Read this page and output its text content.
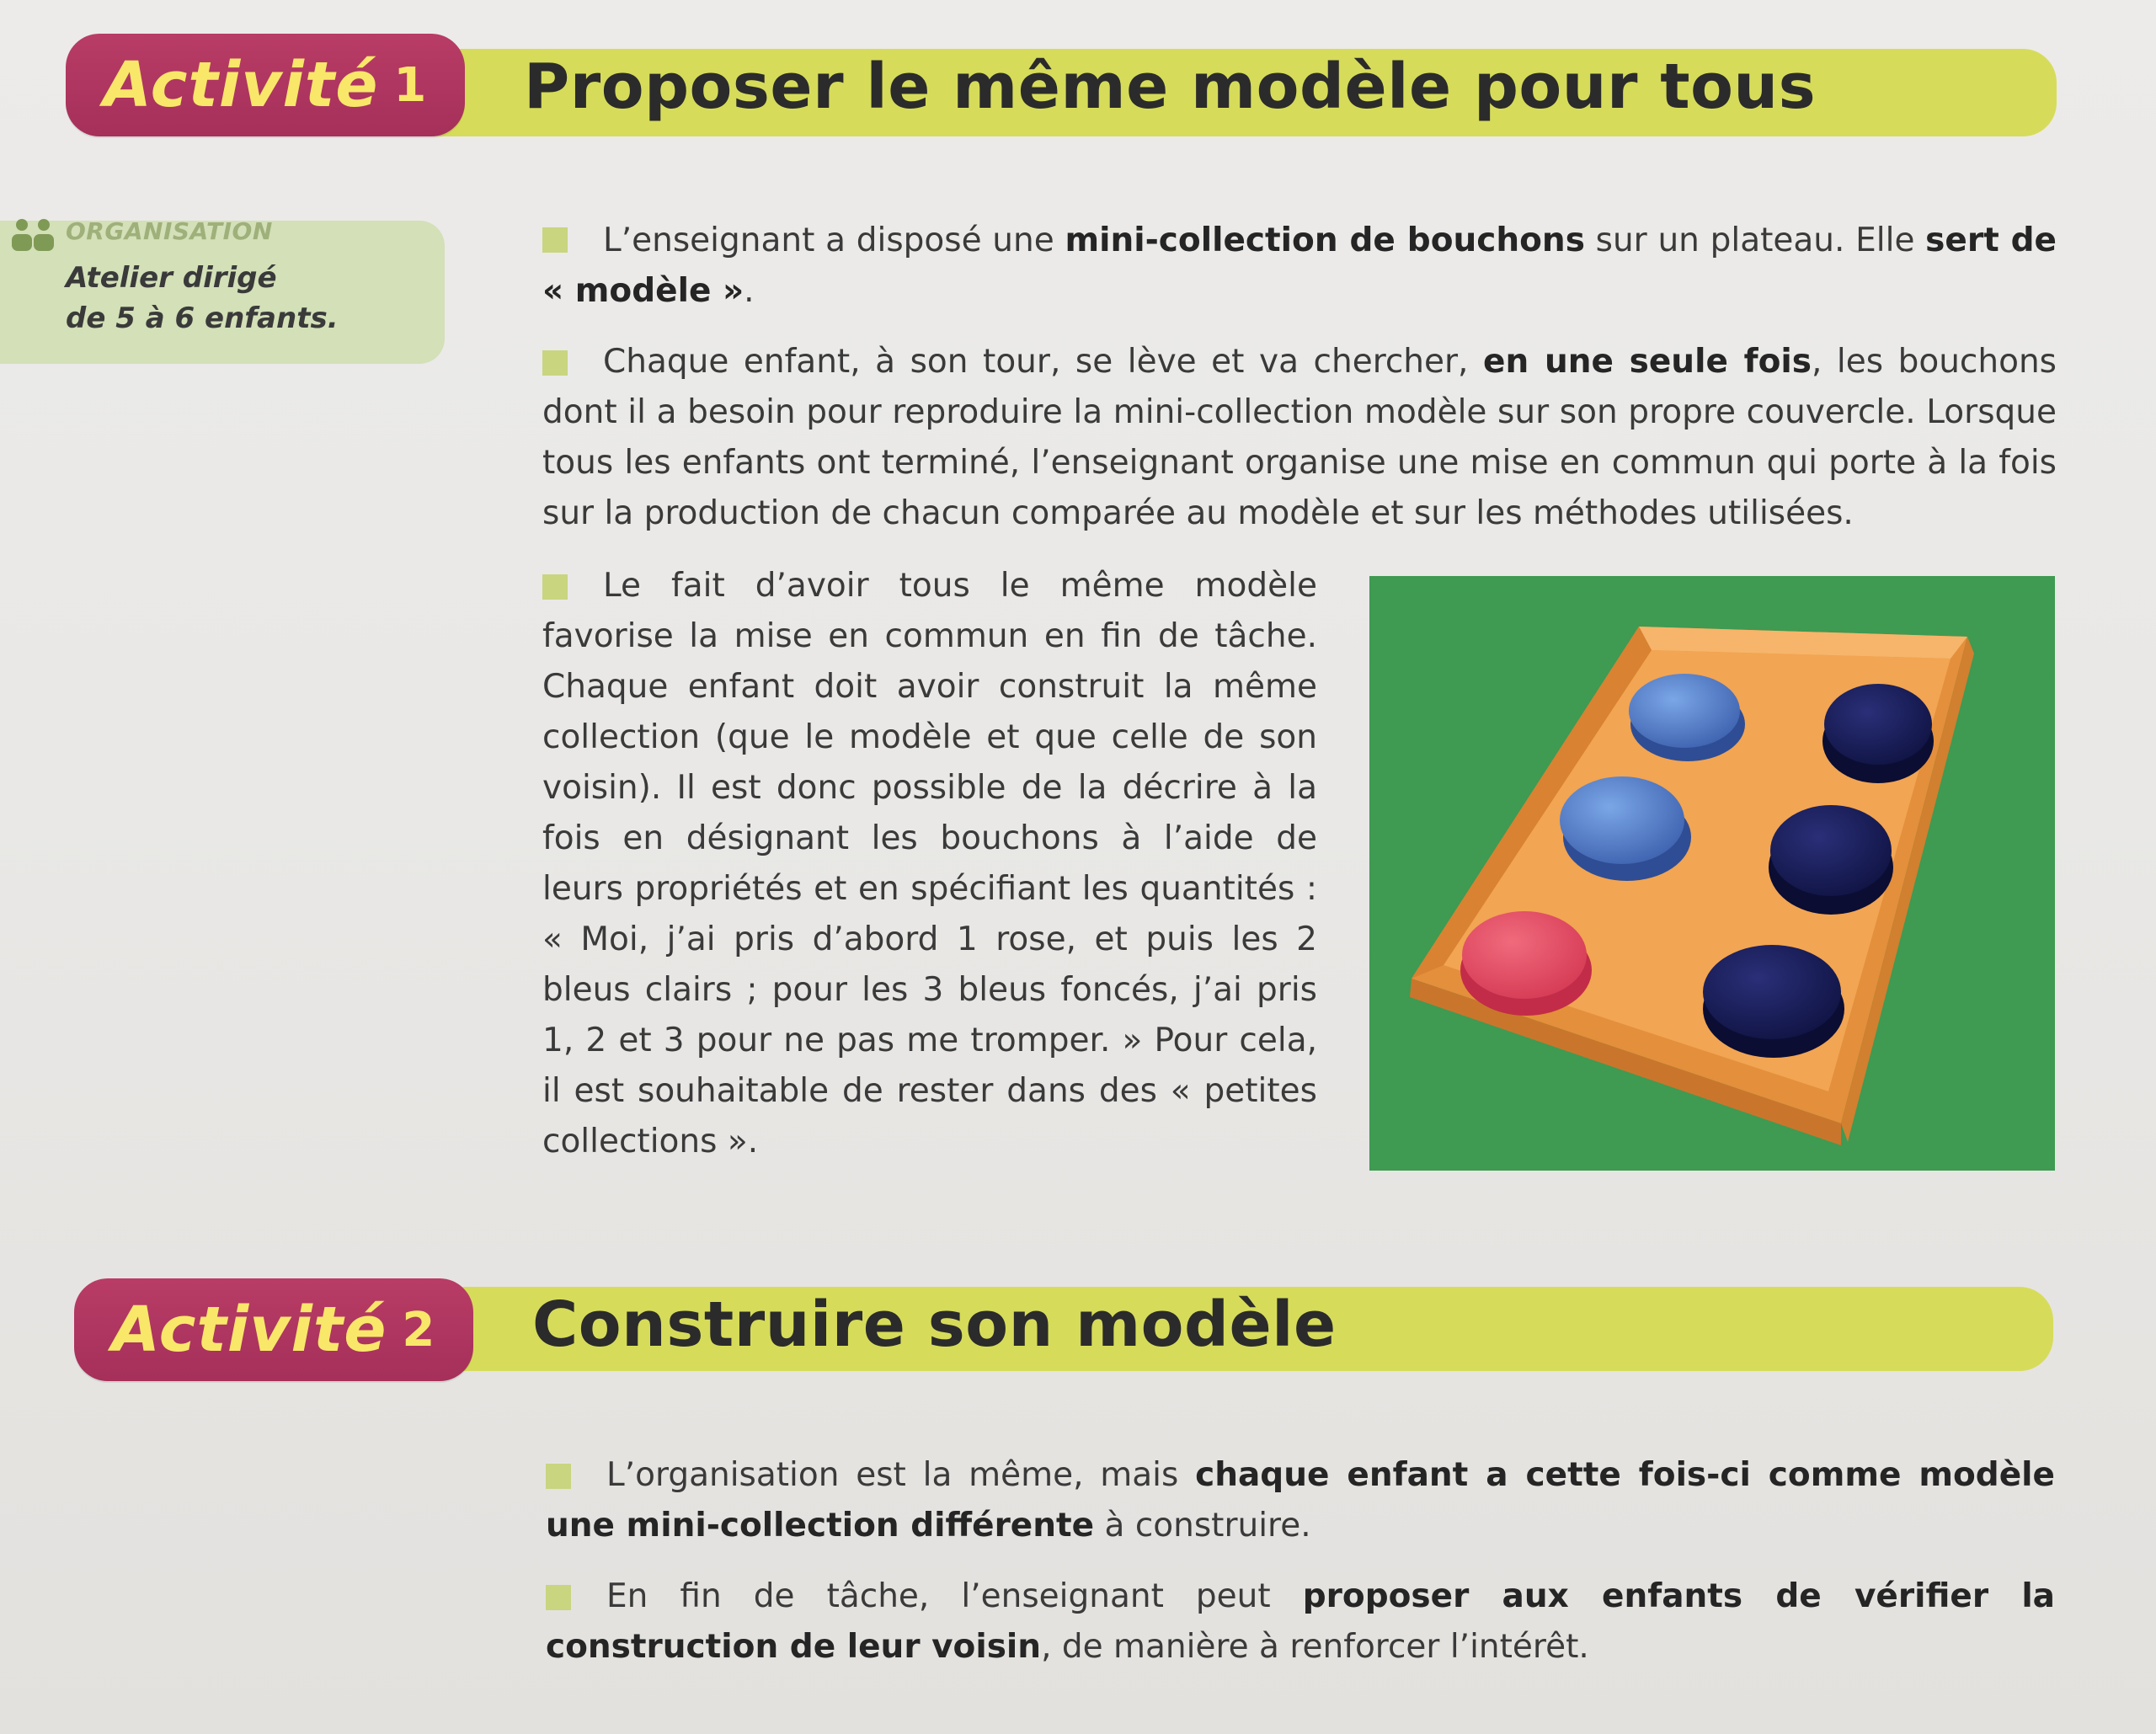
Activité 1 Proposer le même modèle pour tous
ORGANISATION
Atelier dirigé
de 5 à 6 enfants.
L’enseignant a disposé une mini-collection de bouchons sur un plateau. Elle sert de « modèle ».
Chaque enfant, à son tour, se lève et va chercher, en une seule fois, les bouchons dont il a besoin pour reproduire la mini-collection modèle sur son propre couvercle. Lorsque tous les enfants ont terminé, l’enseignant organise une mise en commun qui porte à la fois sur la production de chacun comparée au modèle et sur les méthodes utilisées.
Le fait d’avoir tous le même modèle favorise la mise en commun en fin de tâche. Chaque enfant doit avoir construit la même collection (que le modèle et que celle de son voisin). Il est donc possible de la décrire à la fois en désignant les bouchons à l’aide de leurs propriétés et en spécifiant les quantités : « Moi, j’ai pris d’abord 1 rose, et puis les 2 bleus clairs ; pour les 3 bleus foncés, j’ai pris 1, 2 et 3 pour ne pas me tromper. » Pour cela, il est souhaitable de rester dans des « petites collections ».
Activité 2 Construire son modèle
L’organisation est la même, mais chaque enfant a cette fois-ci comme modèle une mini-collection différente à construire.
En fin de tâche, l’enseignant peut proposer aux enfants de vérifier la construction de leur voisin, de manière à renforcer l’intérêt.
